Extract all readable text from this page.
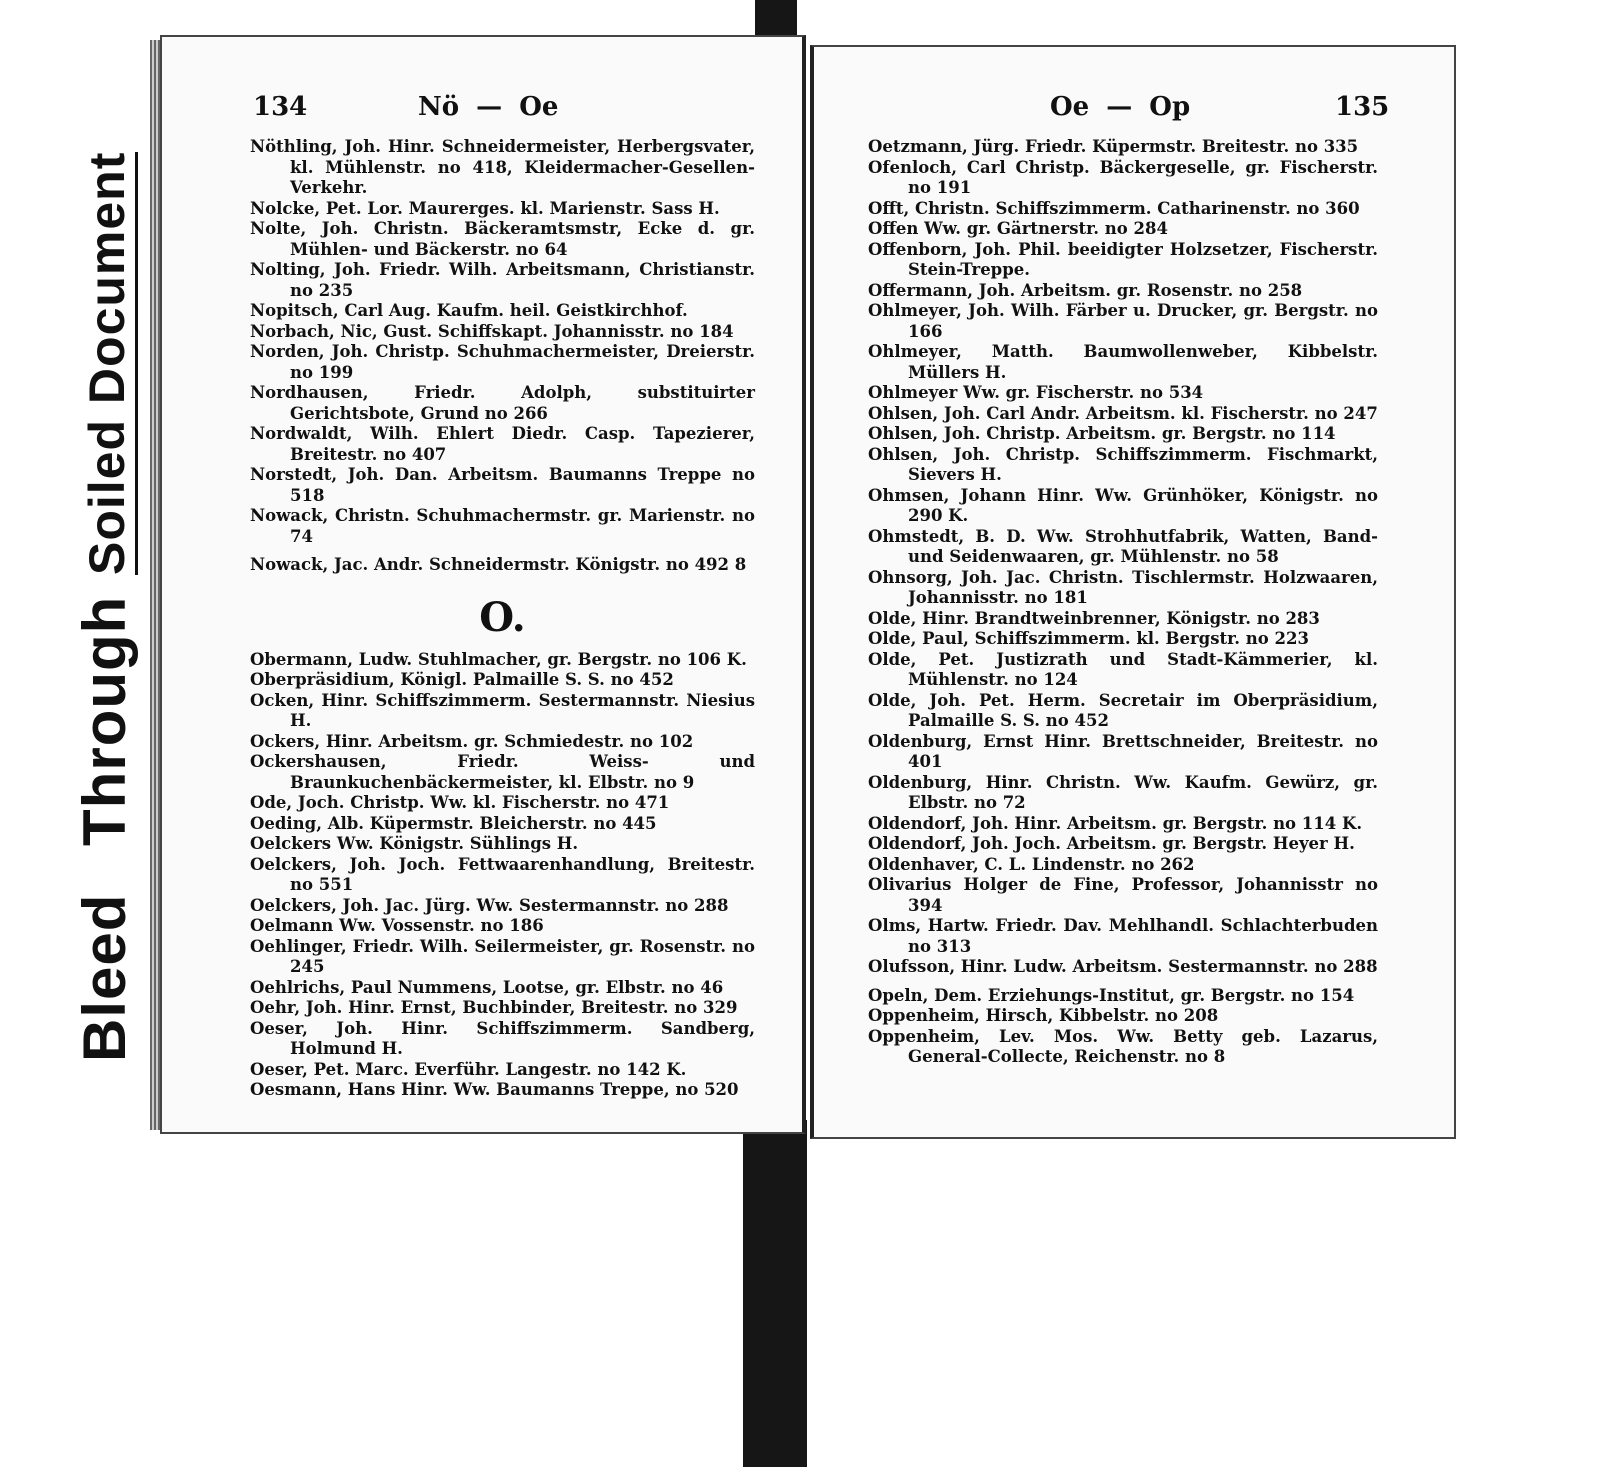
Soiled Document
Bleed Through
134	Nö — Oe	Oe — Op	135

Nöthling, Joh. Hinr. Schneidermeister, Herbergsvater, kl. Mühlenstr. no 418, Kleidermacher-Gesellen-Verkehr.

Nolcke, Pet. Lor. Maurerges. kl. Marienstr. Sass H.

Nolte, Joh. Christn. Bäckeramtsmstr, Ecke d. gr. Mühlen- und Bäckerstr. no 64

Nolting, Joh. Friedr. Wilh. Arbeitsmann, Christianstr. no 235

Nopitsch, Carl Aug. Kaufm. heil. Geistkirchhof.

Norbach, Nic, Gust. Schiffskapt. Johannisstr. no 184

Norden, Joh. Christp. Schuhmachermeister, Dreierstr. no 199

Nordhausen, Friedr. Adolph, substituirter Gerichtsbote, Grund no 266

Nordwaldt, Wilh. Ehlert Diedr. Casp. Tapezierer, Breitestr. no 407

Norstedt, Joh. Dan. Arbeitsm. Baumanns Treppe no 518

Nowack, Christn. Schuhmachermstr. gr. Marienstr. no 74

Nowack, Jac. Andr. Schneidermstr. Königstr. no 492 8

O.

Obermann, Ludw. Stuhlmacher, gr. Bergstr. no 106 K.

Oberpräsidium, Königl. Palmaille S. S. no 452

Ocken, Hinr. Schiffszimmerm. Sestermannstr. Niesius H.

Ockers, Hinr. Arbeitsm. gr. Schmiedestr. no 102

Ockershausen, Friedr. Weiss- und Braunkuchenbäckermeister, kl. Elbstr. no 9

Ode, Joch. Christp. Ww. kl. Fischerstr. no 471

Oeding, Alb. Küpermstr. Bleicherstr. no 445

Oelckers Ww. Königstr. Sühlings H.

Oelckers, Joh. Joch. Fettwaarenhandlung, Breitestr. no 551

Oelckers, Joh. Jac. Jürg. Ww. Sestermannstr. no 288

Oelmann Ww. Vossenstr. no 186

Oehlinger, Friedr. Wilh. Seilermeister, gr. Rosenstr. no 245

Oehlrichs, Paul Nummens, Lootse, gr. Elbstr. no 46

Oehr, Joh. Hinr. Ernst, Buchbinder, Breitestr. no 329

Oeser, Joh. Hinr. Schiffszimmerm. Sandberg, Holmund H.

Oeser, Pet. Marc. Everführ. Langestr. no 142 K.

Oesmann, Hans Hinr. Ww. Baumanns Treppe, no 520

Oetzmann, Jürg. Friedr. Küpermstr. Breitestr. no 335

Ofenloch, Carl Christp. Bäckergeselle, gr. Fischerstr. no 191

Offt, Christn. Schiffszimmerm. Catharinenstr. no 360

Offen Ww. gr. Gärtnerstr. no 284

Offenborn, Joh. Phil. beeidigter Holzsetzer, Fischerstr. Stein-Treppe.

Offermann, Joh. Arbeitsm. gr. Rosenstr. no 258

Ohlmeyer, Joh. Wilh. Färber u. Drucker, gr. Bergstr. no 166

Ohlmeyer, Matth. Baumwollenweber, Kibbelstr. Müllers H.

Ohlmeyer Ww. gr. Fischerstr. no 534

Ohlsen, Joh. Carl Andr. Arbeitsm. kl. Fischerstr. no 247

Ohlsen, Joh. Christp. Arbeitsm. gr. Bergstr. no 114

Ohlsen, Joh. Christp. Schiffszimmerm. Fischmarkt, Sievers H.

Ohmsen, Johann Hinr. Ww. Grünhöker, Königstr. no 290 K.

Ohmstedt, B. D. Ww. Strohhutfabrik, Watten, Band- und Seidenwaaren, gr. Mühlenstr. no 58

Ohnsorg, Joh. Jac. Christn. Tischlermstr. Holzwaaren, Johannisstr. no 181

Olde, Hinr. Brandtweinbrenner, Königstr. no 283

Olde, Paul, Schiffszimmerm. kl. Bergstr. no 223

Olde, Pet. Justizrath und Stadt-Kämmerier, kl. Mühlenstr. no 124

Olde, Joh. Pet. Herm. Secretair im Oberpräsidium, Palmaille S. S. no 452

Oldenburg, Ernst Hinr. Brettschneider, Breitestr. no 401

Oldenburg, Hinr. Christn. Ww. Kaufm. Gewürz, gr. Elbstr. no 72

Oldendorf, Joh. Hinr. Arbeitsm. gr. Bergstr. no 114 K.

Oldendorf, Joh. Joch. Arbeitsm. gr. Bergstr. Heyer H.

Oldenhaver, C. L. Lindenstr. no 262

Olivarius Holger de Fine, Professor, Johannisstr no 394

Olms, Hartw. Friedr. Dav. Mehlhandl. Schlachterbuden no 313

Olufsson, Hinr. Ludw. Arbeitsm. Sestermannstr. no 288

Opeln, Dem. Erziehungs-Institut, gr. Bergstr. no 154

Oppenheim, Hirsch, Kibbelstr. no 208

Oppenheim, Lev. Mos. Ww. Betty geb. Lazarus, General-Collecte, Reichenstr. no 8
